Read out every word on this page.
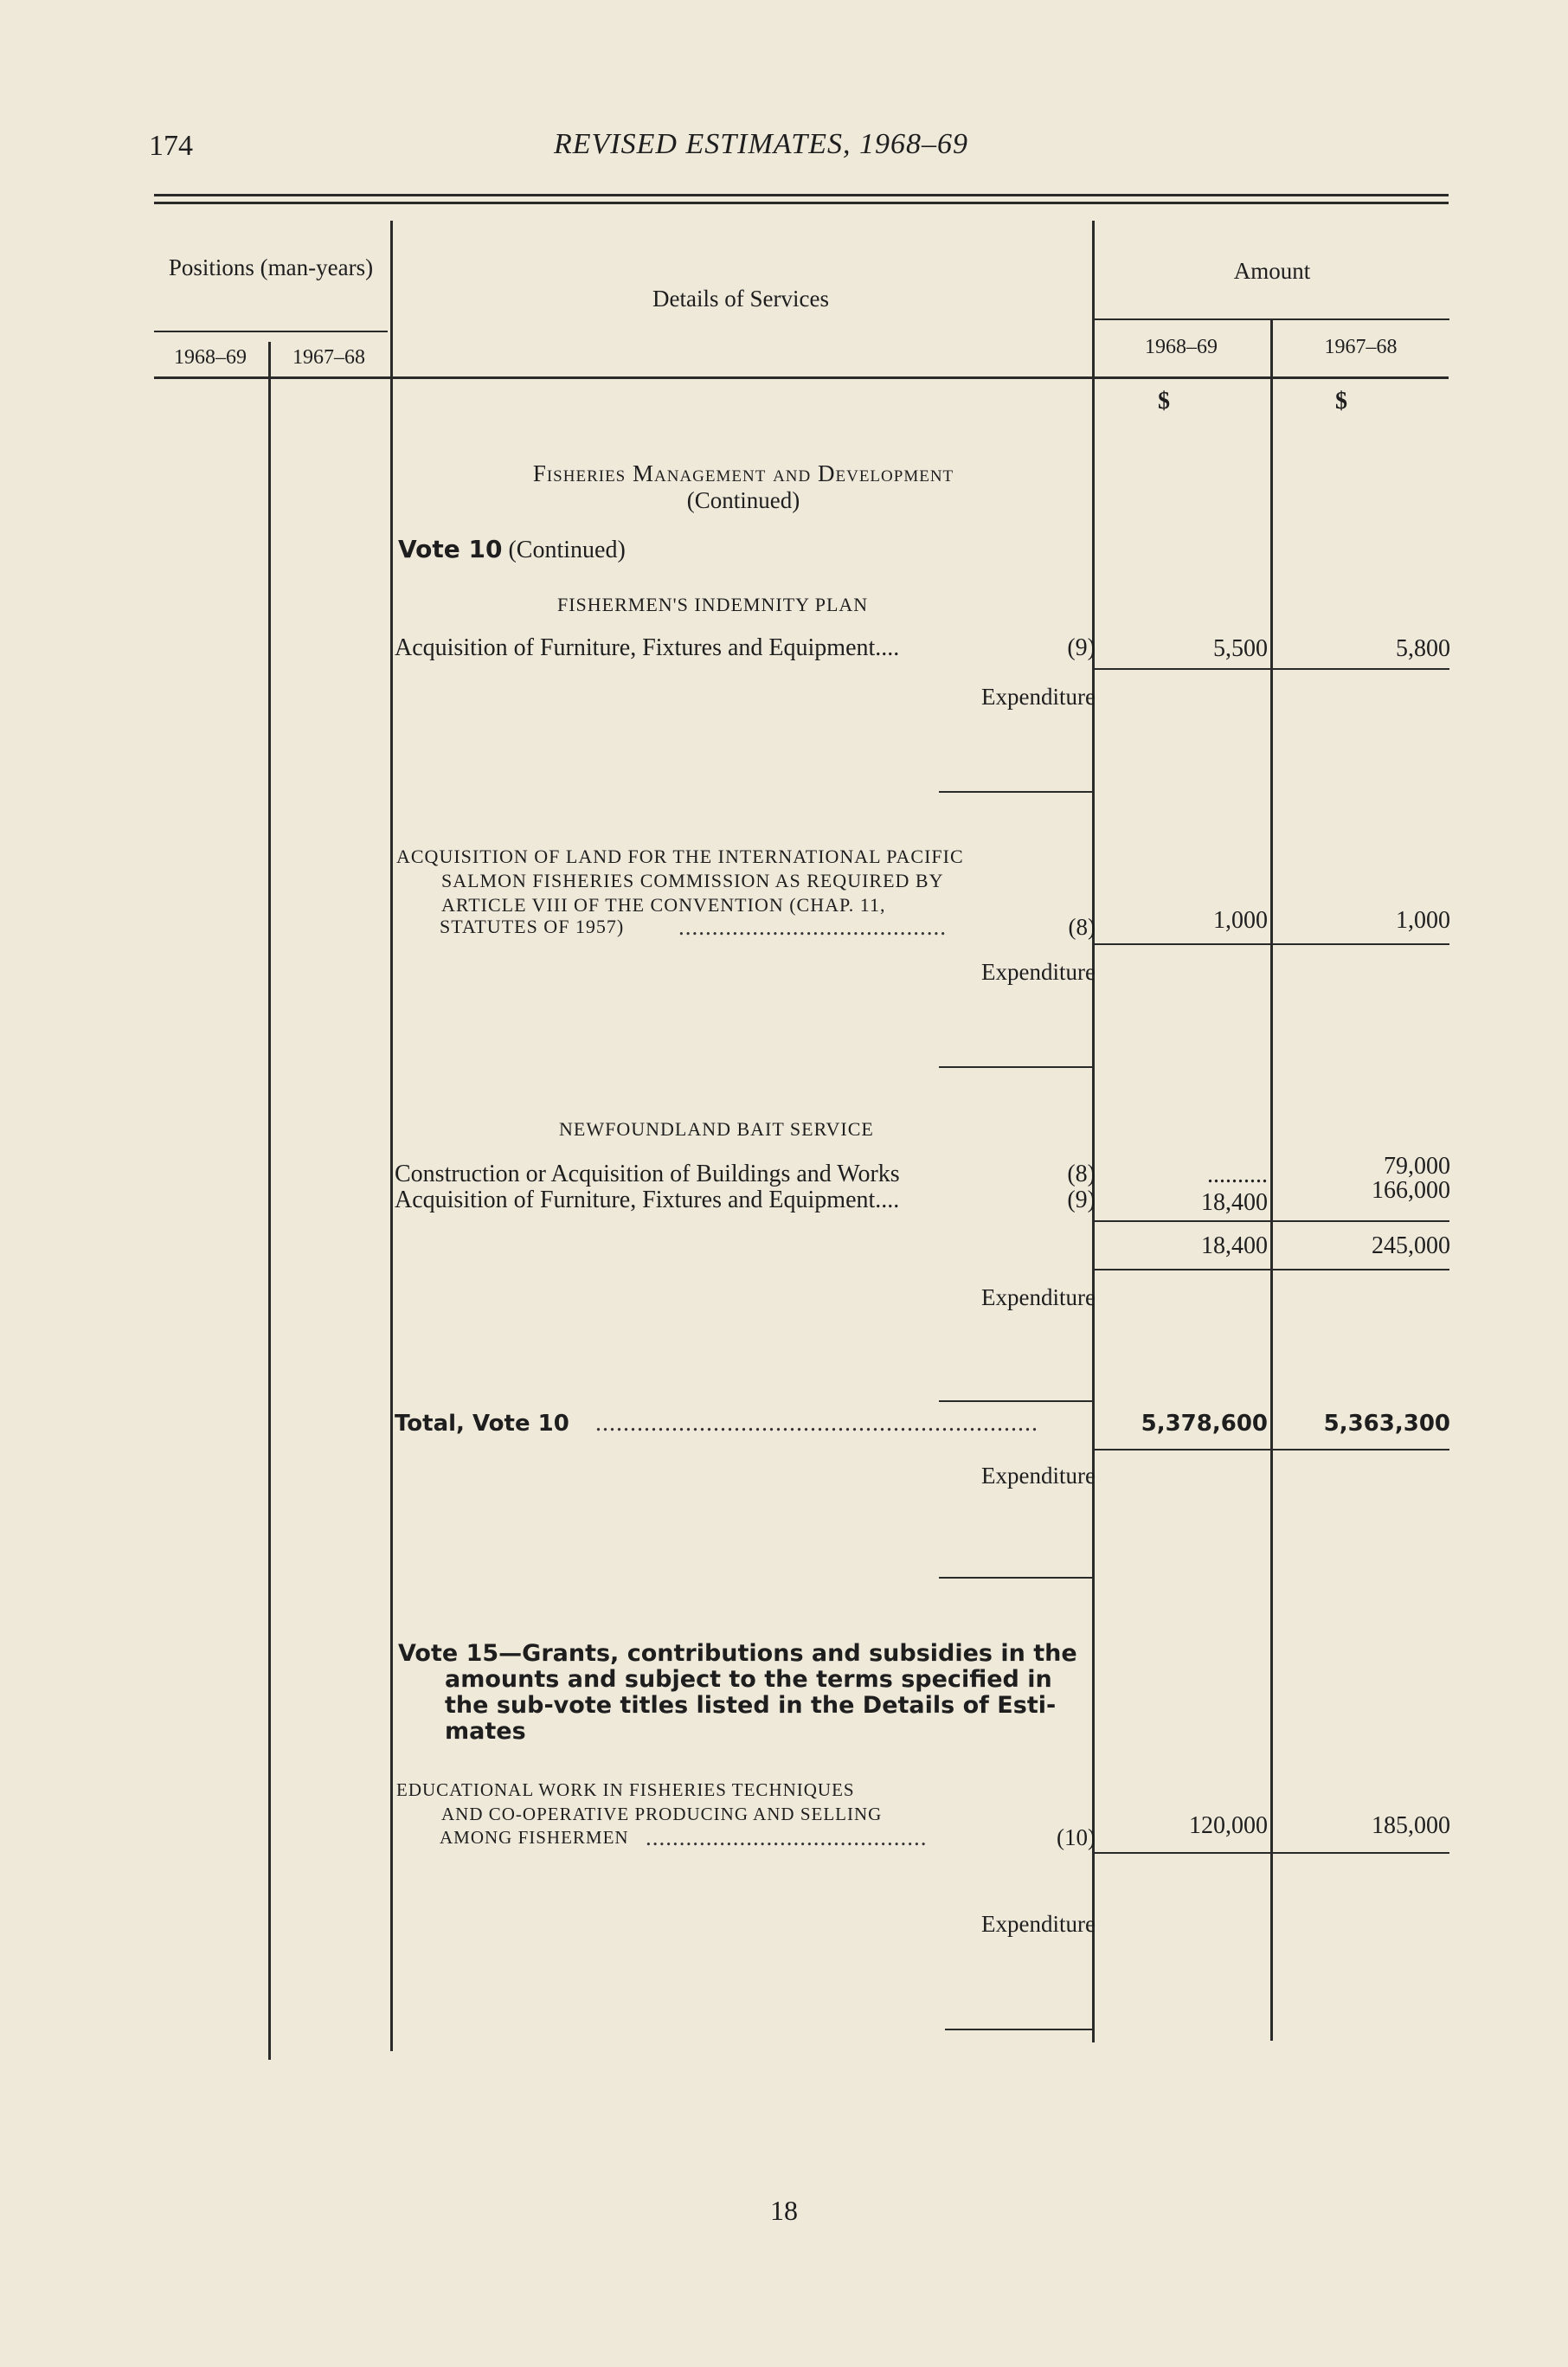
174	REVISED ESTIMATES, 1968–69
Positions (man-years)
Details of Services
Amount
1968–69	1967–68	1968–69	1967–68
$	$
Fisheries Management and Development
(Continued)
Vote 10 (Continued)
FISHERMEN'S INDEMNITY PLAN
Acquisition of Furniture, Fixtures and Equipment....	(9)	5,500	5,800
Expenditure
ACQUISITION OF LAND FOR THE INTERNATIONAL PACIFIC
SALMON FISHERIES COMMISSION AS REQUIRED BY
ARTICLE VIII OF THE CONVENTION (CHAP. 11,
STATUTES OF 1957) ........................................	(8)	1,000	1,000
Expenditure
NEWFOUNDLAND BAIT SERVICE
Construction or Acquisition of Buildings and Works	(8)	..........	79,000
Acquisition of Furniture, Fixtures and Equipment....	(9)	18,400	166,000
18,400	245,000
Expenditure
Total, Vote 10 ................................................................	5,378,600	5,363,300
Expenditure
Vote 15—Grants, contributions and subsidies in the
amounts and subject to the terms specified in
the sub-vote titles listed in the Details of Esti-
mates
EDUCATIONAL WORK IN FISHERIES TECHNIQUES
AND CO-OPERATIVE PRODUCING AND SELLING
AMONG FISHERMEN ..........................................	(10)	120,000	185,000
Expenditure
18
